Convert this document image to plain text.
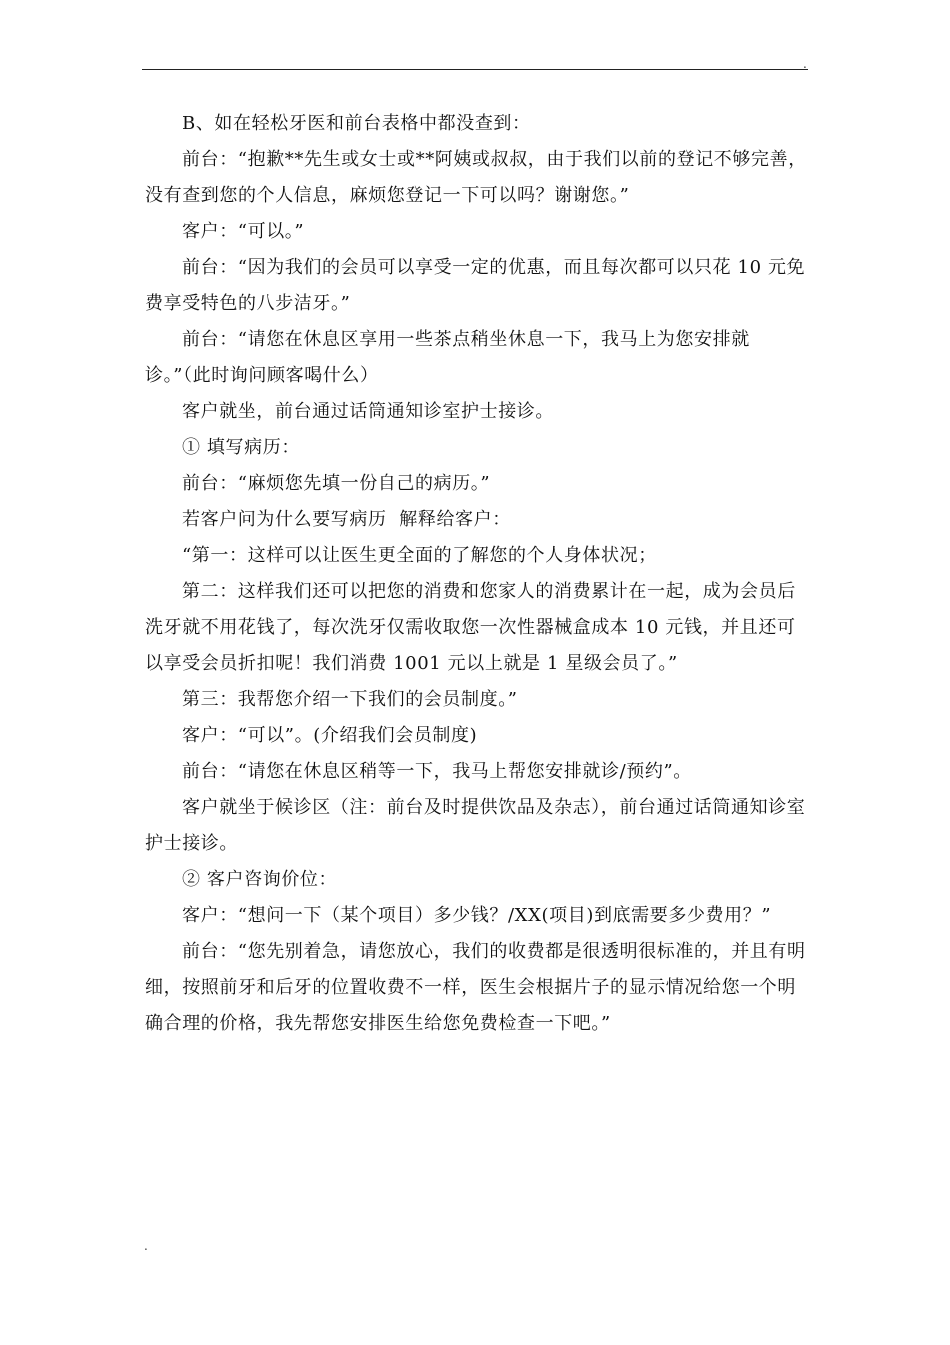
.

B、如在轻松牙医和前台表格中都没查到：

前台：“抱歉**先生或女士或**阿姨或叔叔，由于我们以前的登记不够完善，没有查到您的个人信息，麻烦您登记一下可以吗？谢谢您。”

客户：“可以。”

前台：“因为我们的会员可以享受一定的优惠，而且每次都可以只花 10 元免费享受特色的八步洁牙。”

前台：“请您在休息区享用一些茶点稍坐休息一下，我马上为您安排就诊。”（此时询问顾客喝什么）

客户就坐，前台通过话筒通知诊室护士接诊。

① 填写病历：

前台：“麻烦您先填一份自己的病历。”

若客户问为什么要写病历  解释给客户：

“第一：这样可以让医生更全面的了解您的个人身体状况；

第二：这样我们还可以把您的消费和您家人的消费累计在一起，成为会员后洗牙就不用花钱了，每次洗牙仅需收取您一次性器械盒成本 10 元钱，并且还可以享受会员折扣呢！我们消费 1001 元以上就是 1 星级会员了。”

第三：我帮您介绍一下我们的会员制度。”

客户：“可以”。(介绍我们会员制度)

前台：“请您在休息区稍等一下，我马上帮您安排就诊/预约”。

客户就坐于候诊区（注：前台及时提供饮品及杂志），前台通过话筒通知诊室护士接诊。

② 客户咨询价位：

客户：“想问一下（某个项目）多少钱？/XX(项目)到底需要多少费用？”

前台：“您先别着急，请您放心，我们的收费都是很透明很标准的，并且有明细，按照前牙和后牙的位置收费不一样，医生会根据片子的显示情况给您一个明确合理的价格，我先帮您安排医生给您免费检查一下吧。”

.
